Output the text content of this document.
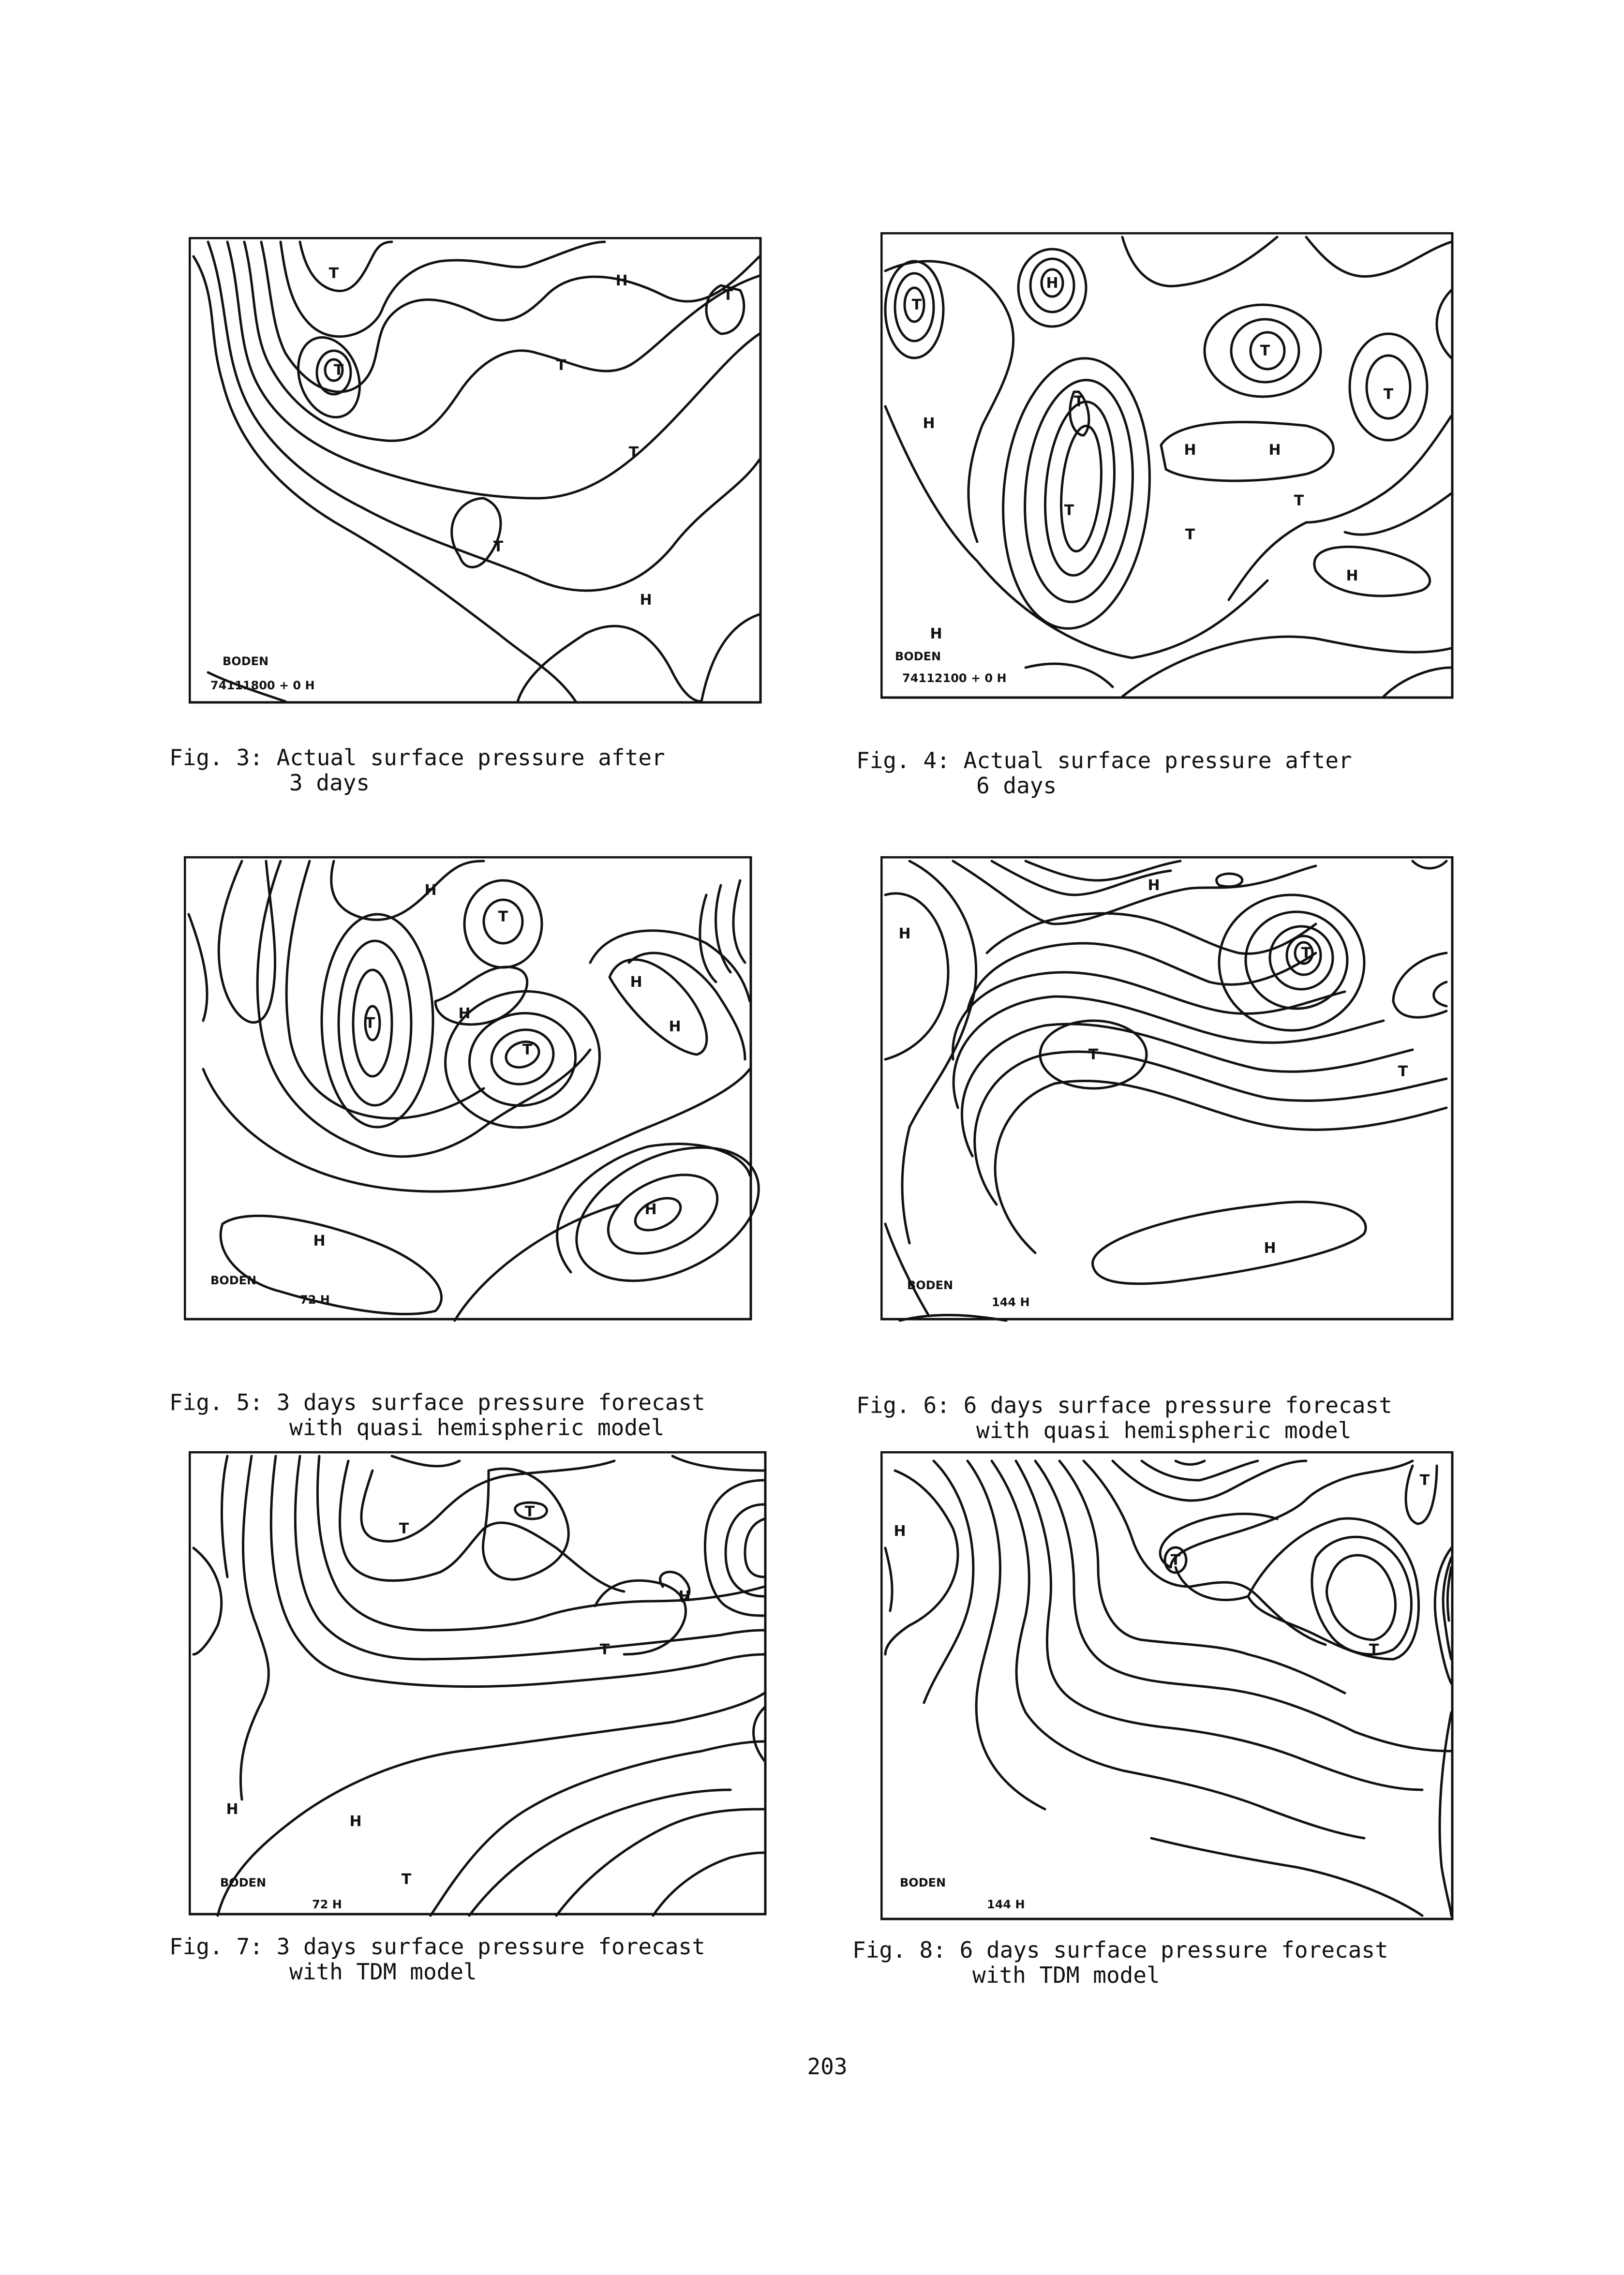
T
T
T
T
T
T
H
H
BODEN
74111800 + 0 H
Fig. 3: Actual surface pressure after
3 days
H
T
T
T
T
T
T
T
H
H	H
H
H
BODEN
74112100 + 0 H
Fig. 4: Actual surface pressure after
6 days
H
T
T
H
T
H
H
H
H
BODEN
72 H
Fig. 5: 3 days surface pressure forecast
with quasi hemispheric model
H
H
T
T
T
H
BODEN
144 H
Fig. 6: 6 days surface pressure forecast
with quasi hemispheric model
T
T
T
H
H
H
T
BODEN
72 H
Fig. 7: 3 days surface pressure forecast
with TDM model
H
T
T
T
BODEN
144 H
Fig. 8: 6 days surface pressure forecast
with TDM model
203
